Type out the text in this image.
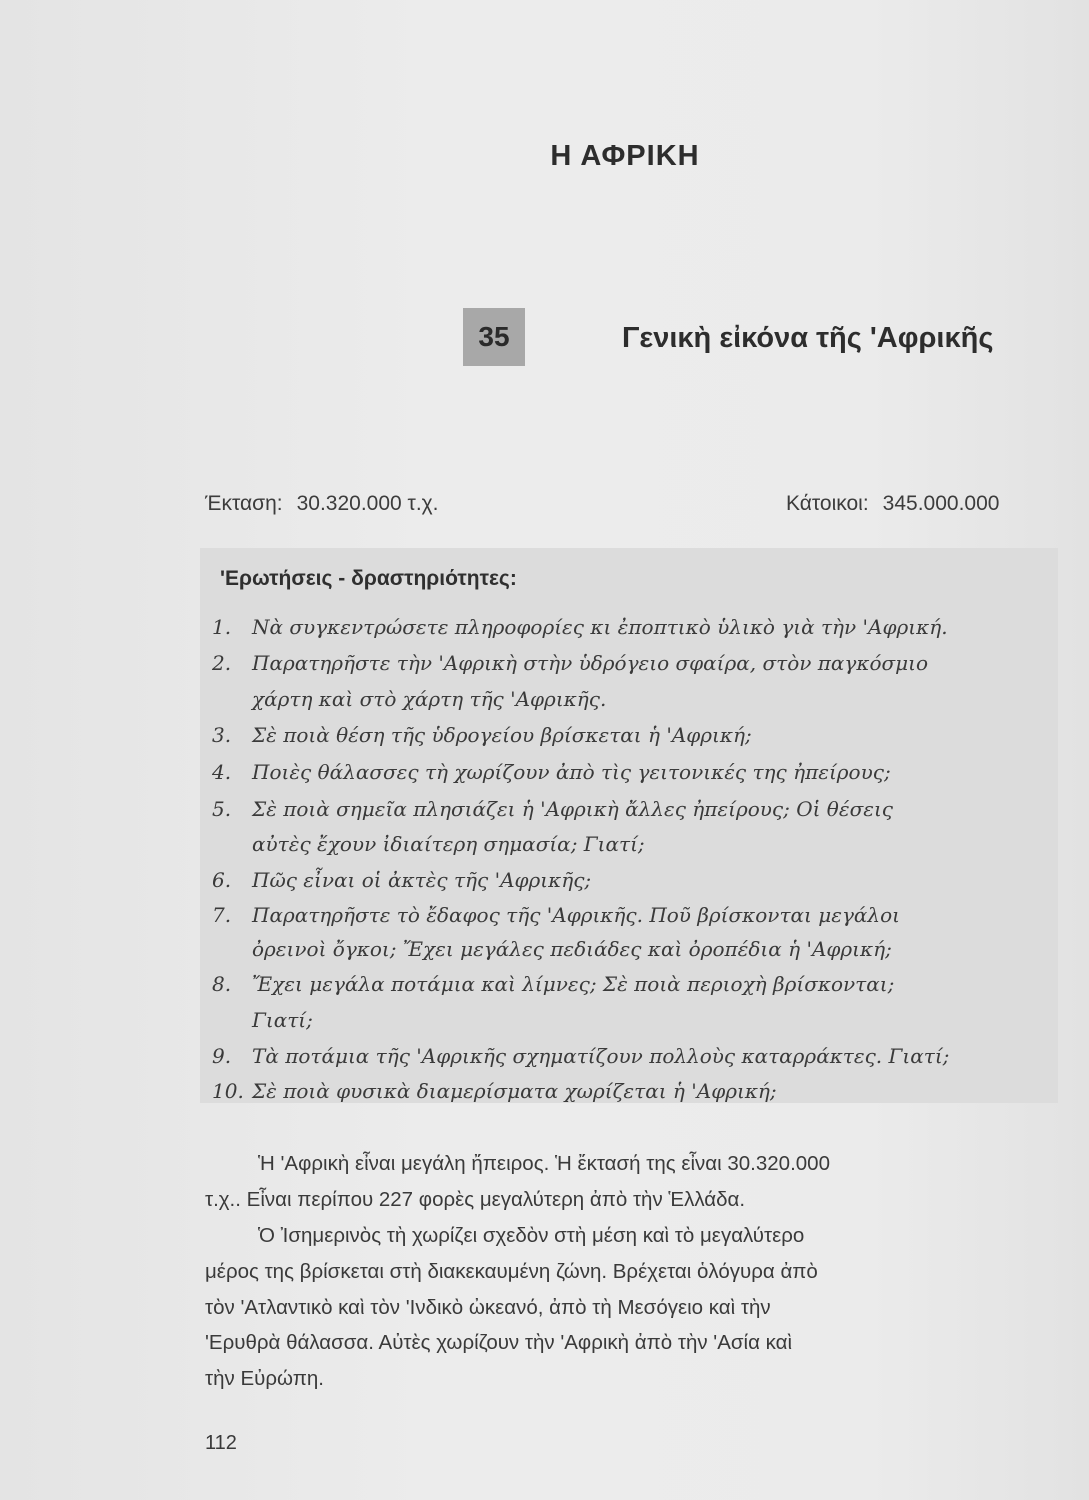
Η ΑΦΡΙΚΗ
35	Γενικὴ εἰκόνα τῆς 'Αφρικῆς
Έκταση: 30.320.000 τ.χ.	Κάτοικοι: 345.000.000
'Ερωτήσεις - δραστηριότητες:
1. Νὰ συγκεντρώσετε πληροφορίες κι ἐποπτικὸ ὑλικὸ γιὰ τὴν 'Αφρική.
2. Παρατηρῆστε τὴν 'Αφρικὴ στὴν ὑδρόγειο σφαίρα, στὸν παγκόσμιο
χάρτη καὶ στὸ χάρτη τῆς 'Αφρικῆς.
3. Σὲ ποιὰ θέση τῆς ὑδρογείου βρίσκεται ἡ 'Αφρική;
4. Ποιὲς θάλασσες τὴ χωρίζουν ἀπὸ τὶς γειτονικές της ἠπείρους;
5. Σὲ ποιὰ σημεῖα πλησιάζει ἡ 'Αφρικὴ ἄλλες ἠπείρους; Οἱ θέσεις
αὐτὲς ἔχουν ἰδιαίτερη σημασία; Γιατί;
6. Πῶς εἶναι οἱ ἀκτὲς τῆς 'Αφρικῆς;
7. Παρατηρῆστε τὸ ἔδαφος τῆς 'Αφρικῆς. Ποῦ βρίσκονται μεγάλοι
ὀρεινοὶ ὄγκοι; Ἔχει μεγάλες πεδιάδες καὶ ὀροπέδια ἡ 'Αφρική;
8. Ἔχει μεγάλα ποτάμια καὶ λίμνες; Σὲ ποιὰ περιοχὴ βρίσκονται;
Γιατί;
9. Τὰ ποτάμια τῆς 'Αφρικῆς σχηματίζουν πολλοὺς καταρράκτες. Γιατί;
10. Σὲ ποιὰ φυσικὰ διαμερίσματα χωρίζεται ἡ 'Αφρική;
Ἡ 'Αφρικὴ εἶναι μεγάλη ἤπειρος. Ἡ ἔκτασή της εἶναι 30.320.000
τ.χ.. Εἶναι περίπου 227 φορὲς μεγαλύτερη ἀπὸ τὴν Ἑλλάδα.
Ὁ Ἰσημερινὸς τὴ χωρίζει σχεδὸν στὴ μέση καὶ τὸ μεγαλύτερο
μέρος της βρίσκεται στὴ διακεκαυμένη ζώνη. Βρέχεται ὁλόγυρα ἀπὸ
τὸν 'Ατλαντικὸ καὶ τὸν 'Ινδικὸ ὠκεανό, ἀπὸ τὴ Μεσόγειο καὶ τὴν
'Ερυθρὰ θάλασσα. Αὐτὲς χωρίζουν τὴν 'Αφρικὴ ἀπὸ τὴν 'Ασία καὶ
τὴν Εὐρώπη.
112
